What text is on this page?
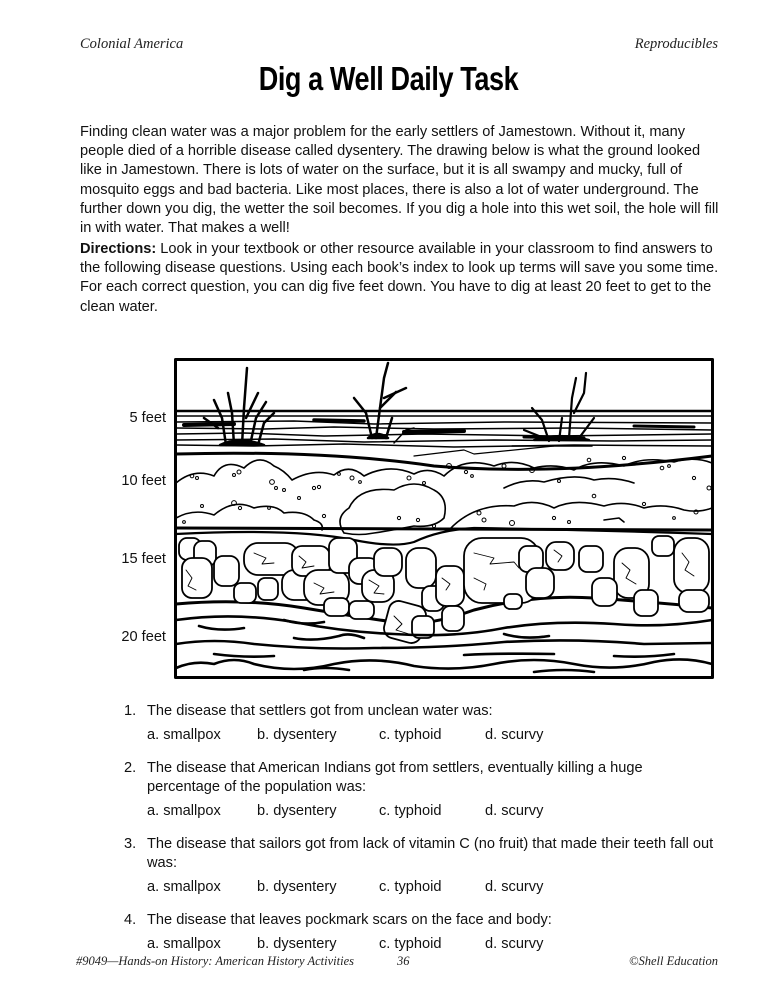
Colonial America	Reproducibles
Dig a Well Daily Task

Finding clean water was a major problem for the early settlers of Jamestown. Without it, many people died of a horrible disease called dysentery. The drawing below is what the ground looked like in Jamestown. There is lots of water on the surface, but it is all swampy and mucky, full of mosquito eggs and bad bacteria. Like most places, there is also a lot of water underground. The further down you dig, the wetter the soil becomes. If you dig a hole into this wet soil, the hole will fill in with water. That makes a well!

Directions: Look in your textbook or other resource available in your classroom to find answers to the following disease questions. Using each book’s index to look up terms will save you some time. For each correct question, you can dig five feet down. You have to dig at least 20 feet to get to the clean water.

5 feet
10 feet
15 feet
20 feet
1. The disease that settlers got from unclean water was:
a. smallpox b. dysentery	c. typhoid	d. scurvy
2. The disease that American Indians got from settlers, eventually killing a huge percentage of the population was:
a. smallpox b. dysentery	c. typhoid	d. scurvy
3. The disease that sailors got from lack of vitamin C (no fruit) that made their teeth fall out was:
a. smallpox b. dysentery	c. typhoid	d. scurvy
4. The disease that leaves pockmark scars on the face and body:
a. smallpox b. dysentery	c. typhoid	d. scurvy
#9049—Hands-on History: American History Activities	36	©Shell Education
